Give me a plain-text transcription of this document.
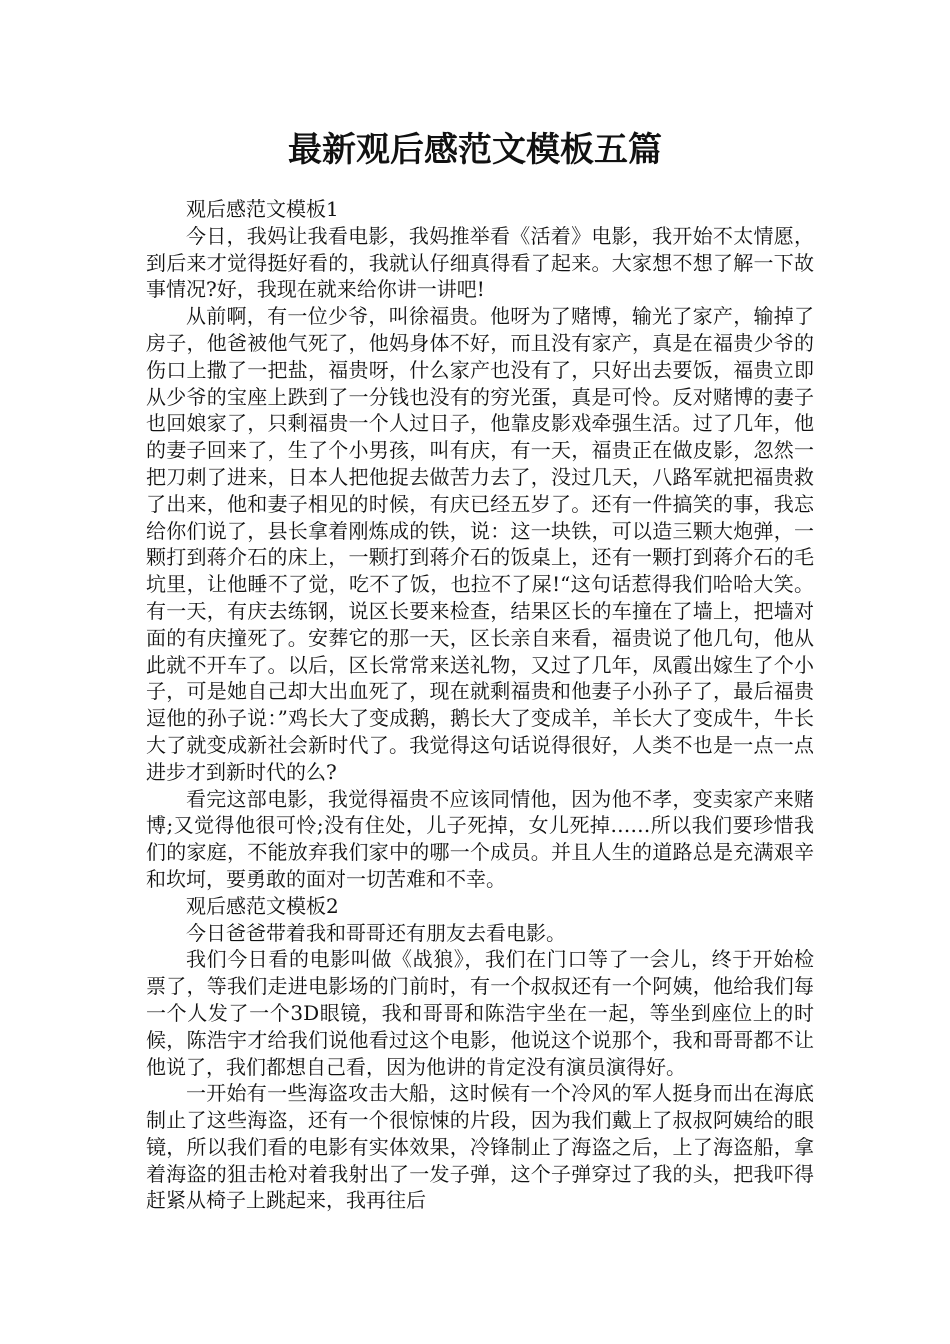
最新观后感范文模板五篇

观后感范文模板1

今日，我妈让我看电影，我妈推举看《活着》电影，我开始不太情愿，到后来才觉得挺好看的，我就认仔细真得看了起来。大家想不想了解一下故事情况?好，我现在就来给你讲一讲吧!

从前啊，有一位少爷，叫徐福贵。他呀为了赌博，输光了家产，输掉了房子，他爸被他气死了，他妈身体不好，而且没有家产，真是在福贵少爷的伤口上撒了一把盐，福贵呀，什么家产也没有了，只好出去要饭，福贵立即从少爷的宝座上跌到了一分钱也没有的穷光蛋，真是可怜。反对赌博的妻子也回娘家了，只剩福贵一个人过日子，他靠皮影戏牵强生活。过了几年，他的妻子回来了，生了个小男孩，叫有庆，有一天，福贵正在做皮影，忽然一把刀刺了进来，日本人把他捉去做苦力去了，没过几天，八路军就把福贵救了出来，他和妻子相见的时候，有庆已经五岁了。还有一件搞笑的事，我忘给你们说了，县长拿着刚炼成的铁，说：这一块铁，可以造三颗大炮弹，一颗打到蒋介石的床上，一颗打到蒋介石的饭桌上，还有一颗打到蒋介石的毛坑里，让他睡不了觉，吃不了饭，也拉不了屎!“这句话惹得我们哈哈大笑。有一天，有庆去练钢，说区长要来检查，结果区长的车撞在了墙上，把墙对面的有庆撞死了。安葬它的那一天，区长亲自来看，福贵说了他几句，他从此就不开车了。以后，区长常常来送礼物，又过了几年，凤霞出嫁生了个小子，可是她自己却大出血死了，现在就剩福贵和他妻子小孙子了，最后福贵逗他的孙子说：”鸡长大了变成鹅，鹅长大了变成羊，羊长大了变成牛，牛长大了就变成新社会新时代了。我觉得这句话说得很好，人类不也是一点一点进步才到新时代的么?

看完这部电影，我觉得福贵不应该同情他，因为他不孝，变卖家产来赌博;又觉得他很可怜;没有住处，儿子死掉，女儿死掉……所以我们要珍惜我们的家庭，不能放弃我们家中的哪一个成员。并且人生的道路总是充满艰辛和坎坷，要勇敢的面对一切苦难和不幸。

观后感范文模板2

今日爸爸带着我和哥哥还有朋友去看电影。

我们今日看的电影叫做《战狼》，我们在门口等了一会儿，终于开始检票了，等我们走进电影场的门前时，有一个叔叔还有一个阿姨，他给我们每一个人发了一个3D眼镜，我和哥哥和陈浩宇坐在一起，等坐到座位上的时候，陈浩宇才给我们说他看过这个电影，他说这个说那个，我和哥哥都不让他说了，我们都想自己看，因为他讲的肯定没有演员演得好。

一开始有一些海盗攻击大船，这时候有一个冷风的军人挺身而出在海底制止了这些海盗，还有一个很惊悚的片段，因为我们戴上了叔叔阿姨给的眼镜，所以我们看的电影有实体效果，冷锋制止了海盗之后，上了海盗船，拿着海盗的狙击枪对着我射出了一发子弹，这个子弹穿过了我的头，把我吓得赶紧从椅子上跳起来，我再往后
